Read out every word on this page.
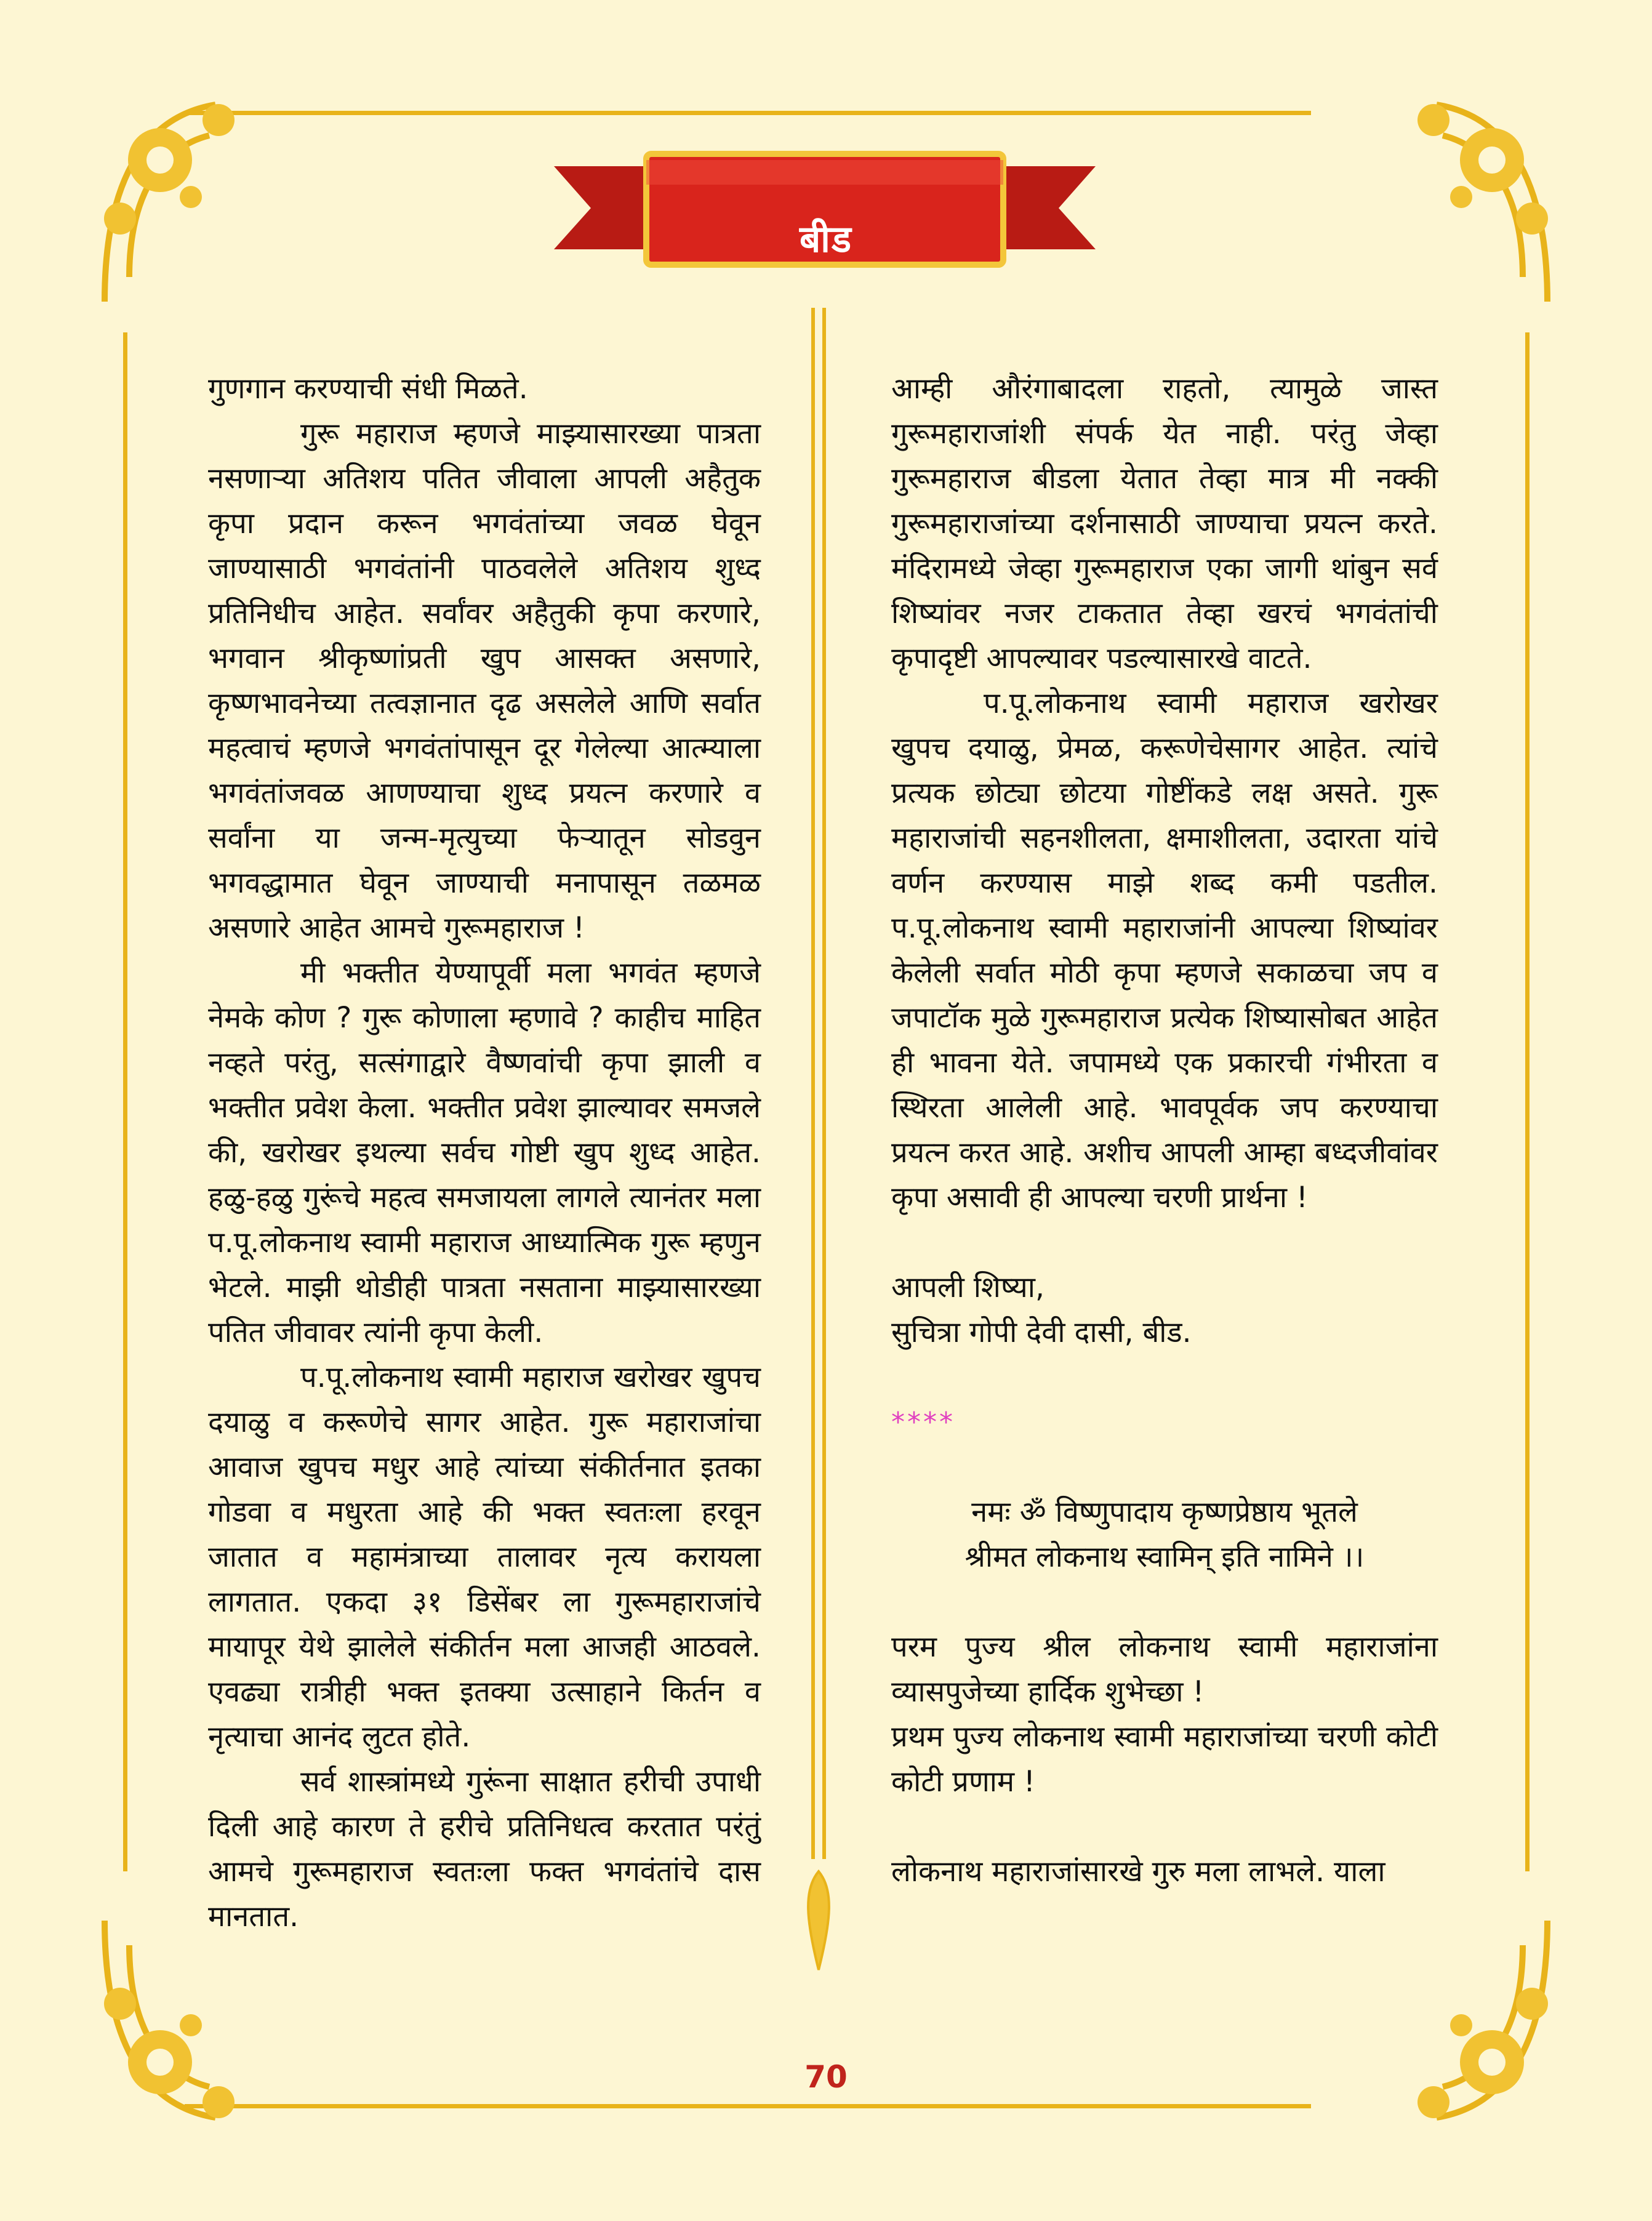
बीड

गुणगान करण्याची संधी मिळते.

गुरू महाराज म्हणजे माझ्यासारख्या पात्रता नसणाऱ्या अतिशय पतित जीवाला आपली अहैतुक कृपा प्रदान करून भगवंतांच्या जवळ घेवून जाण्यासाठी भगवंतांनी पाठवलेले अतिशय शुध्द प्रतिनिधीच आहेत. सर्वांवर अहैतुकी कृपा करणारे, भगवान श्रीकृष्णांप्रती खुप आसक्त असणारे, कृष्णभावनेच्या तत्वज्ञानात दृढ असलेले आणि सर्वात महत्वाचं म्हणजे भगवंतांपासून दूर गेलेल्या आत्म्याला भगवंतांजवळ आणण्याचा शुध्द प्रयत्न करणारे व सर्वांना या जन्म-मृत्युच्या फेऱ्यातून सोडवुन भगवद्धामात घेवून जाण्याची मनापासून तळमळ असणारे आहेत आमचे गुरूमहाराज !

मी भक्तीत येण्यापूर्वी मला भगवंत म्हणजे नेमके कोण ? गुरू कोणाला म्हणावे ? काहीच माहित नव्हते परंतु, सत्संगाद्वारे वैष्णवांची कृपा झाली व भक्तीत प्रवेश केला. भक्तीत प्रवेश झाल्यावर समजले की, खरोखर इथल्या सर्वच गोष्टी खुप शुध्द आहेत. हळु-हळु गुरूंचे महत्व समजायला लागले त्यानंतर मला प.पू.लोकनाथ स्वामी महाराज आध्यात्मिक गुरू म्हणुन भेटले. माझी थोडीही पात्रता नसताना माझ्यासारख्या पतित जीवावर त्यांनी कृपा केली.

प.पू.लोकनाथ स्वामी महाराज खरोखर खुपच दयाळु व करूणेचे सागर आहेत. गुरू महाराजांचा आवाज खुपच मधुर आहे त्यांच्या संकीर्तनात इतका गोडवा व मधुरता आहे की भक्त स्वतःला हरवून जातात व महामंत्राच्या तालावर नृत्य करायला लागतात. एकदा ३१ डिसेंबर ला गुरूमहाराजांचे मायापूर येथे झालेले संकीर्तन मला आजही आठवले. एवढ्या रात्रीही भक्त इतक्या उत्साहाने किर्तन व नृत्याचा आनंद लुटत होते.

सर्व शास्त्रांमध्ये गुरूंना साक्षात हरीची उपाधी दिली आहे कारण ते हरीचे प्रतिनिधत्व करतात परंतुं आमचे गुरूमहाराज स्वतःला फक्त भगवंतांचे दास मानतात.

आम्ही औरंगाबादला राहतो, त्यामुळे जास्त गुरूमहाराजांशी संपर्क येत नाही. परंतु जेव्हा गुरूमहाराज बीडला येतात तेव्हा मात्र मी नक्की गुरूमहाराजांच्या दर्शनासाठी जाण्याचा प्रयत्न करते. मंदिरामध्ये जेव्हा गुरूमहाराज एका जागी थांबुन सर्व शिष्यांवर नजर टाकतात तेव्हा खरचं भगवंतांची कृपादृष्टी आपल्यावर पडल्यासारखे वाटते.

प.पू.लोकनाथ स्वामी महाराज खरोखर खुपच दयाळु, प्रेमळ, करूणेचेसागर आहेत. त्यांचे प्रत्यक छोट्या छोटया गोष्टींकडे लक्ष असते. गुरू महाराजांची सहनशीलता, क्षमाशीलता, उदारता यांचे वर्णन करण्यास माझे शब्द कमी पडतील. प.पू.लोकनाथ स्वामी महाराजांनी आपल्या शिष्यांवर केलेली सर्वात मोठी कृपा म्हणजे सकाळचा जप व जपाटॉक मुळे गुरूमहाराज प्रत्येक शिष्यासोबत आहेत ही भावना येते. जपामध्ये एक प्रकारची गंभीरता व स्थिरता आलेली आहे. भावपूर्वक जप करण्याचा प्रयत्न करत आहे. अशीच आपली आम्हा बध्दजीवांवर कृपा असावी ही आपल्या चरणी प्रार्थना !

आपली शिष्या,

सुचित्रा गोपी देवी दासी, बीड.

****

नमः ॐ विष्णुपादाय कृष्णप्रेष्ठाय भूतले

श्रीमत लोकनाथ स्वामिन् इति नामिने ।।

परम पुज्य श्रील लोकनाथ स्वामी महाराजांना व्यासपुजेच्या हार्दिक शुभेच्छा !

प्रथम पुज्य लोकनाथ स्वामी महाराजांच्या चरणी कोटी कोटी प्रणाम !

लोकनाथ महाराजांसारखे गुरु मला लाभले. याला

70
